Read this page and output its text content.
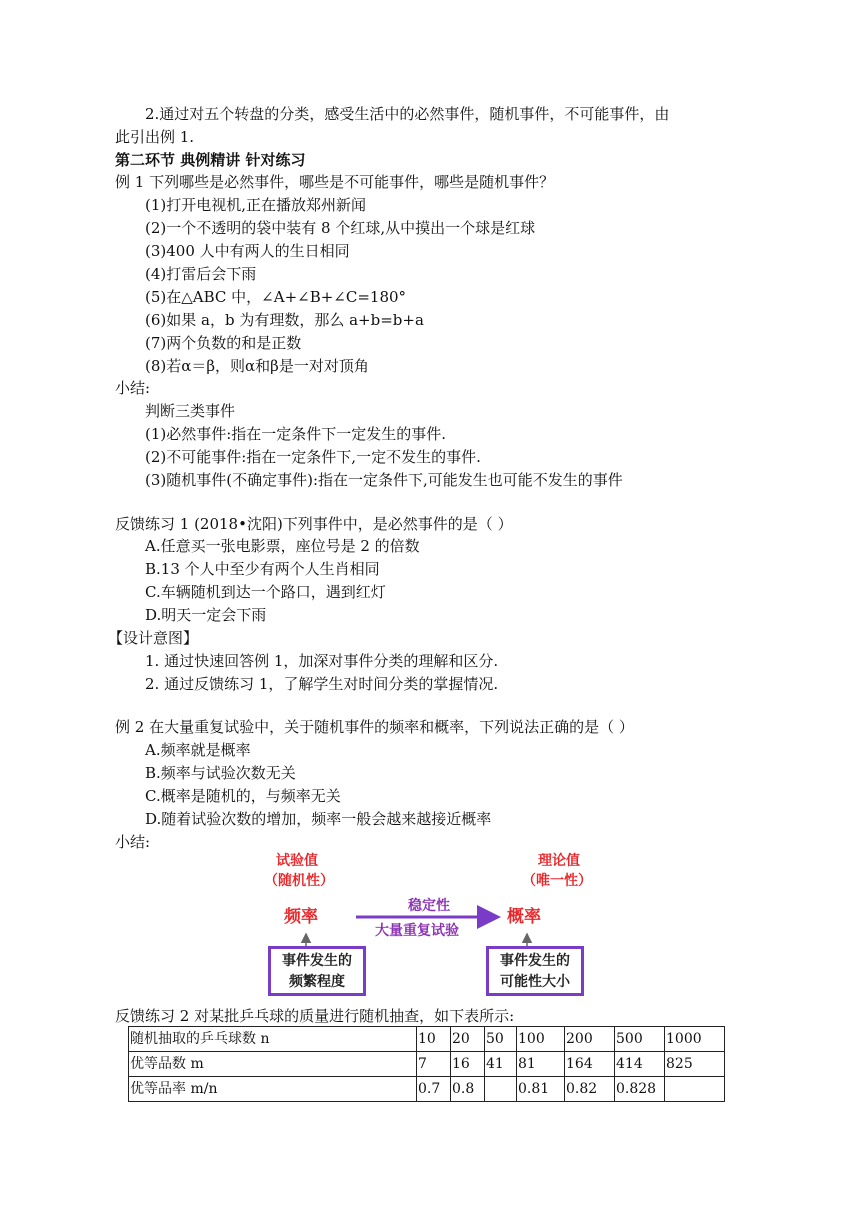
2.通过对五个转盘的分类，感受生活中的必然事件，随机事件，不可能事件，由
此引出例 1.
第二环节 典例精讲 针对练习
例 1 下列哪些是必然事件，哪些是不可能事件，哪些是随机事件？
(1)打开电视机,正在播放郑州新闻
(2)一个不透明的袋中装有 8 个红球,从中摸出一个球是红球
(3)400 人中有两人的生日相同
(4)打雷后会下雨
(5)在△ABC 中，∠A+∠B+∠C=180°
(6)如果 a，b 为有理数，那么 a+b=b+a
(7)两个负数的和是正数
(8)若α＝β，则α和β是一对对顶角
小结:
判断三类事件
(1)必然事件:指在一定条件下一定发生的事件.
(2)不可能事件:指在一定条件下,一定不发生的事件.
(3)随机事件(不确定事件):指在一定条件下,可能发生也可能不发生的事件
反馈练习 1 (2018•沈阳)下列事件中，是必然事件的是（ ）
A.任意买一张电影票，座位号是 2 的倍数
B.13 个人中至少有两个人生肖相同
C.车辆随机到达一个路口，遇到红灯
D.明天一定会下雨
【设计意图】
1. 通过快速回答例 1，加深对事件分类的理解和区分.
2. 通过反馈练习 1，了解学生对时间分类的掌握情况.
例 2 在大量重复试验中，关于随机事件的频率和概率，下列说法正确的是（ ）
A.频率就是概率
B.频率与试验次数无关
C.概率是随机的，与频率无关
D.随着试验次数的增加，频率一般会越来越接近概率
小结:
试验值
（随机性）
频率
理论值
（唯一性）
概率
稳定性
大量重复试验
事件发生的
频繁程度
事件发生的
可能性大小
反馈练习 2 对某批乒乓球的质量进行随机抽查，如下表所示:
随机抽取的乒乓球数 n	10	20	50	100	200	500	1000
优等品数 m	7	16	41	81	164	414	825
优等品率 m/n	0.7	0.8		0.81	0.82	0.828	
